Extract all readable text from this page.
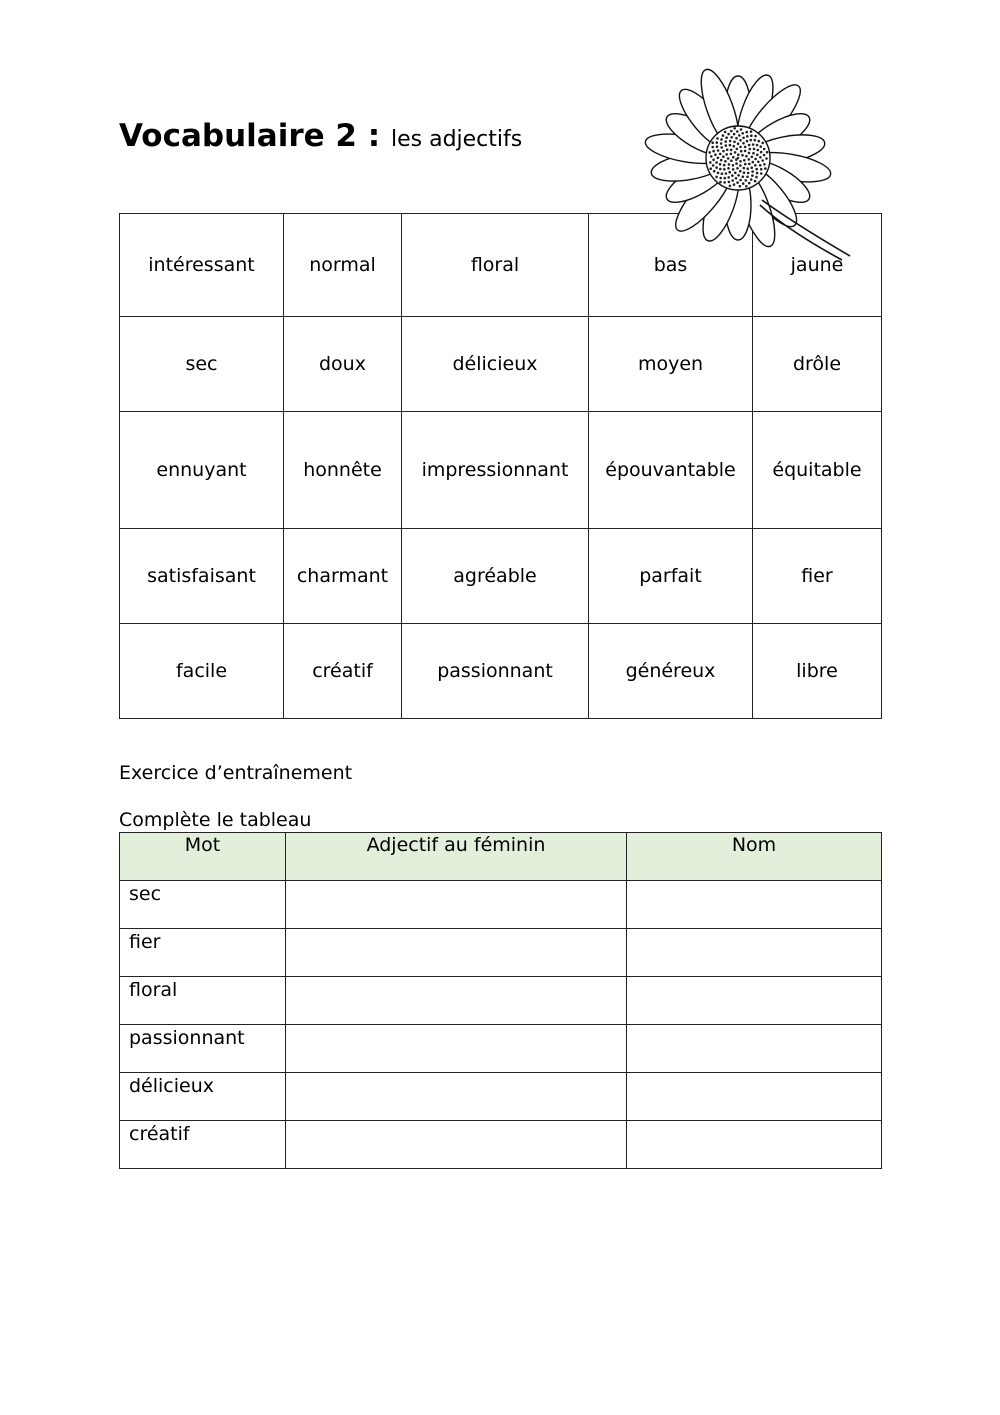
Vocabulaire 2 : les adjectifs
intéressant	normal	floral	bas	jaune
sec	doux	délicieux	moyen	drôle
ennuyant	honnête	impressionnant	épouvantable	équitable
satisfaisant	charmant	agréable	parfait	fier
facile	créatif	passionnant	généreux	libre

Exercice d’entraînement

Complète le tableau

Mot	Adjectif au féminin	Nom
sec		
fier		
floral		
passionnant		
délicieux		
créatif		
